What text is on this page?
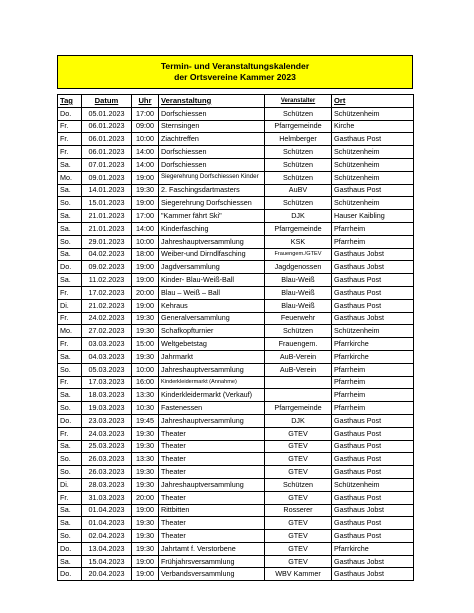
Termin- und Veranstaltungskalender
der Ortsvereine Kammer 2023
Tag	Datum	Uhr	Veranstaltung	Veranstalter	Ort
Do.	05.01.2023	17:00	Dorfschiessen	Schützen	Schützenheim
Fr.	06.01.2023	09:00	Sternsingen	Pfarrgemeinde	Kirche
Fr.	06.01.2023	10:00	Ziachtreffen	Helmberger	Gasthaus Post
Fr.	06.01.2023	14:00	Dorfschiessen	Schützen	Schützenheim
Sa.	07.01.2023	14:00	Dorfschiessen	Schützen	Schützenheim
Mo.	09.01.2023	19:00	Siegerehrung Dorfschiessen Kinder	Schützen	Schützenheim
Sa.	14.01.2023	19:30	2. Faschingsdartmasters	AuBV	Gasthaus Post
So.	15.01.2023	19:00	Siegerehrung Dorfschiessen	Schützen	Schützenheim
Sa.	21.01.2023	17:00	"Kammer fährt Ski"	DJK	Hauser Kaibling
Sa.	21.01.2023	14:00	Kinderfasching	Pfarrgemeinde	Pfarrheim
So.	29.01.2023	10:00	Jahreshauptversammlung	KSK	Pfarrheim
Sa.	04.02.2023	18:00	Weiber-und Dirndlfasching	Frauengem./GTEV	Gasthaus Jobst
Do.	09.02.2023	19:00	Jagdversammlung	Jagdgenossen	Gasthaus Jobst
Sa.	11.02.2023	19:00	Kinder- Blau-Weiß-Ball	Blau-Weiß	Gasthaus Post
Fr.	17.02.2023	20:00	Blau – Weiß – Ball	Blau-Weiß	Gasthaus Post
Di.	21.02.2023	19:00	Kehraus	Blau-Weiß	Gasthaus Post
Fr.	24.02.2023	19:30	Generalversammlung	Feuerwehr	Gasthaus Jobst
Mo.	27.02.2023	19:30	Schafkopfturnier	Schützen	Schützenheim
Fr.	03.03.2023	15:00	Weltgebetstag	Frauengem.	Pfarrkirche
Sa.	04.03.2023	19:30	Jahrmarkt	AuB-Verein	Pfarrkirche
So.	05.03.2023	10:00	Jahreshauptversammlung	AuB-Verein	Pfarrheim
Fr.	17.03.2023	16:00	Kinderkleidermarkt (Annahme)		Pfarrheim
Sa.	18.03.2023	13:30	Kinderkleidermarkt (Verkauf)		Pfarrheim
So.	19.03.2023	10:30	Fastenessen	Pfarrgemeinde	Pfarrheim
Do.	23.03.2023	19:45	Jahreshauptversammlung	DJK	Gasthaus Post
Fr.	24.03.2023	19:30	Theater	GTEV	Gasthaus Post
Sa.	25.03.2023	19:30	Theater	GTEV	Gasthaus Post
So.	26.03.2023	13:30	Theater	GTEV	Gasthaus Post
So.	26.03.2023	19:30	Theater	GTEV	Gasthaus Post
Di.	28.03.2023	19:30	Jahreshauptversammlung	Schützen	Schützenheim
Fr.	31.03.2023	20:00	Theater	GTEV	Gasthaus Post
Sa.	01.04.2023	19:00	Rittbitten	Rosserer	Gasthaus Jobst
Sa.	01.04.2023	19:30	Theater	GTEV	Gasthaus Post
So.	02.04.2023	19:30	Theater	GTEV	Gasthaus Post
Do.	13.04.2023	19:30	Jahrtamt f. Verstorbene	GTEV	Pfarrkirche
Sa.	15.04.2023	19:00	Frühjahrsversammlung	GTEV	Gasthaus Jobst
Do.	20.04.2023	19:00	Verbandsversammlung	WBV Kammer	Gasthaus Jobst
